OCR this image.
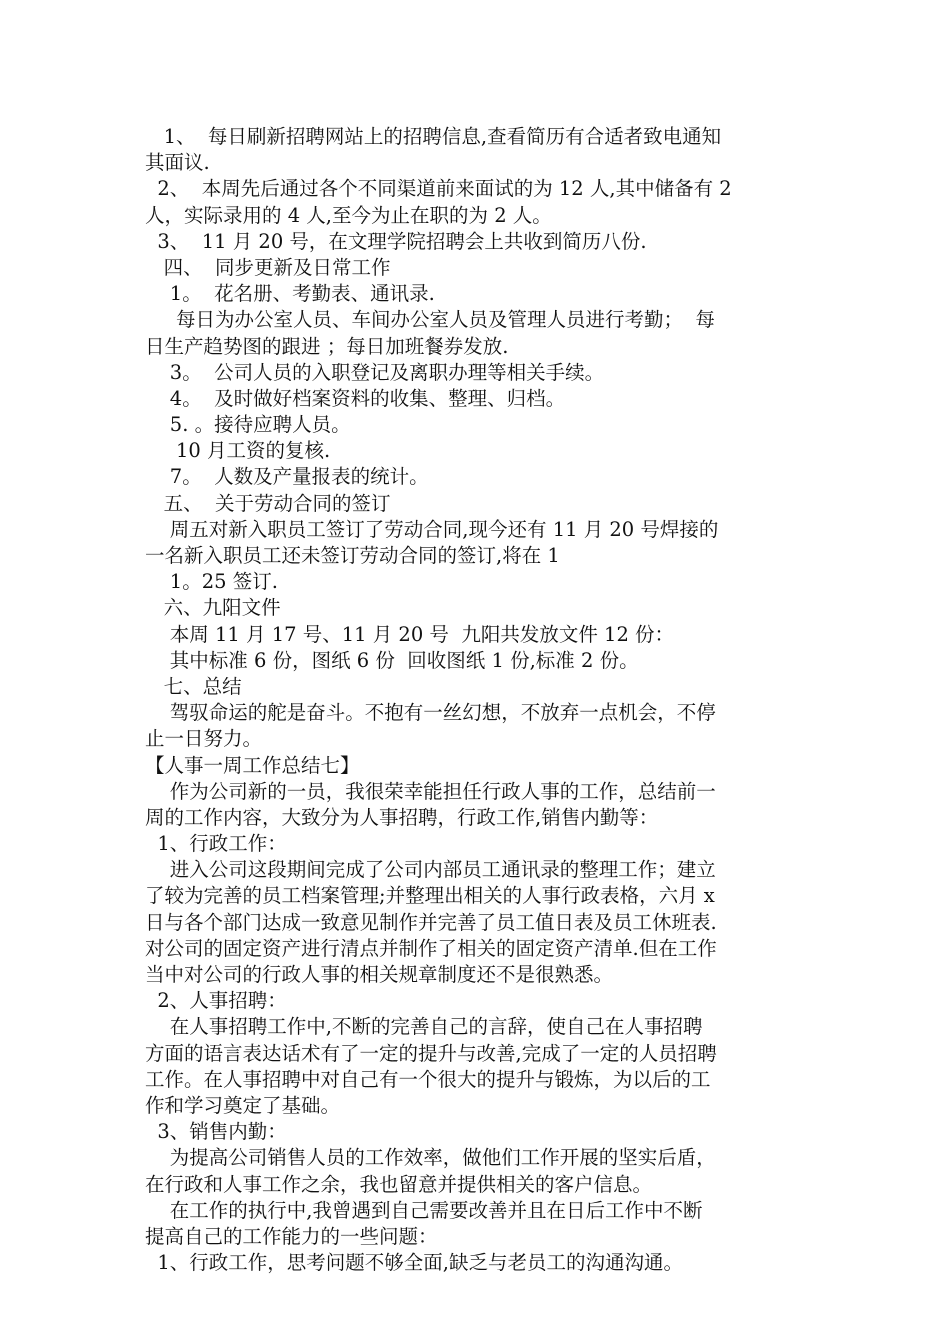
1、  每日刷新招聘网站上的招聘信息,查看简历有合适者致电通知
其面议.
2、  本周先后通过各个不同渠道前来面试的为 12 人,其中储备有 2
人，实际录用的 4 人,至今为止在职的为 2 人。
3、  11 月 20 号，在文理学院招聘会上共收到简历八份.
四、  同步更新及日常工作
1。  花名册、考勤表、通讯录.
每日为办公室人员、车间办公室人员及管理人员进行考勤；  每
日生产趋势图的跟进 ；每日加班餐券发放.
3。  公司人员的入职登记及离职办理等相关手续。
4。  及时做好档案资料的收集、整理、归档。
5. 。接待应聘人员。
10 月工资的复核.
7。  人数及产量报表的统计。
五、  关于劳动合同的签订
周五对新入职员工签订了劳动合同,现今还有 11 月 20 号焊接的
一名新入职员工还未签订劳动合同的签订,将在 1
1。25 签订.
六、九阳文件
本周 11 月 17 号、11 月 20 号  九阳共发放文件 12 份：
其中标准 6 份，图纸 6 份  回收图纸 1 份,标准 2 份。
七、总结
驾驭命运的舵是奋斗。不抱有一丝幻想，不放弃一点机会，不停
止一日努力。
【人事一周工作总结七】
作为公司新的一员，我很荣幸能担任行政人事的工作，总结前一
周的工作内容，大致分为人事招聘，行政工作,销售内勤等：
1、行政工作：
进入公司这段期间完成了公司内部员工通讯录的整理工作；建立
了较为完善的员工档案管理;并整理出相关的人事行政表格，六月 x
日与各个部门达成一致意见制作并完善了员工值日表及员工休班表.
对公司的固定资产进行清点并制作了相关的固定资产清单.但在工作
当中对公司的行政人事的相关规章制度还不是很熟悉。
2、人事招聘：
在人事招聘工作中,不断的完善自己的言辞，使自己在人事招聘
方面的语言表达话术有了一定的提升与改善,完成了一定的人员招聘
工作。在人事招聘中对自己有一个很大的提升与锻炼，为以后的工
作和学习奠定了基础。
3、销售内勤：
为提高公司销售人员的工作效率，做他们工作开展的坚实后盾，
在行政和人事工作之余，我也留意并提供相关的客户信息。
在工作的执行中,我曾遇到自己需要改善并且在日后工作中不断
提高自己的工作能力的一些问题：
1、行政工作，思考问题不够全面,缺乏与老员工的沟通沟通。
